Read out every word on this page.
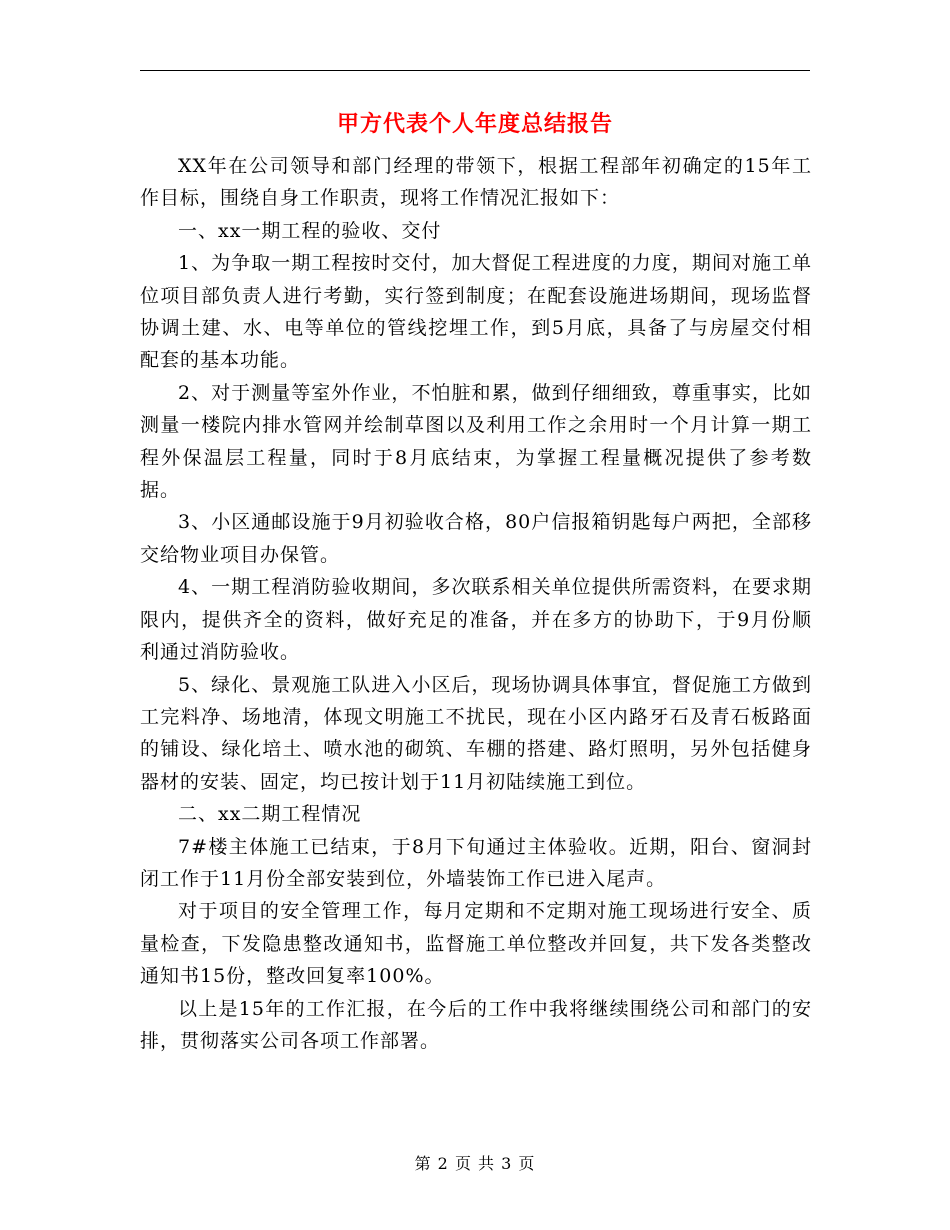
甲方代表个人年度总结报告

XX年在公司领导和部门经理的带领下，根据工程部年初确定的15年工作目标，围绕自身工作职责，现将工作情况汇报如下：

一、xx一期工程的验收、交付

1、为争取一期工程按时交付，加大督促工程进度的力度，期间对施工单位项目部负责人进行考勤，实行签到制度；在配套设施进场期间，现场监督协调土建、水、电等单位的管线挖埋工作，到5月底，具备了与房屋交付相配套的基本功能。

2、对于测量等室外作业，不怕脏和累，做到仔细细致，尊重事实，比如测量一楼院内排水管网并绘制草图以及利用工作之余用时一个月计算一期工程外保温层工程量，同时于8月底结束，为掌握工程量概况提供了参考数据。

3、小区通邮设施于9月初验收合格，80户信报箱钥匙每户两把，全部移交给物业项目办保管。

4、一期工程消防验收期间，多次联系相关单位提供所需资料，在要求期限内，提供齐全的资料，做好充足的准备，并在多方的协助下，于9月份顺利通过消防验收。

5、绿化、景观施工队进入小区后，现场协调具体事宜，督促施工方做到工完料净、场地清，体现文明施工不扰民，现在小区内路牙石及青石板路面的铺设、绿化培土、喷水池的砌筑、车棚的搭建、路灯照明，另外包括健身器材的安装、固定，均已按计划于11月初陆续施工到位。

二、xx二期工程情况

7#楼主体施工已结束，于8月下旬通过主体验收。近期，阳台、窗洞封闭工作于11月份全部安装到位，外墙装饰工作已进入尾声。

对于项目的安全管理工作，每月定期和不定期对施工现场进行安全、质量检查，下发隐患整改通知书，监督施工单位整改并回复，共下发各类整改通知书15份，整改回复率100%。

以上是15年的工作汇报，在今后的工作中我将继续围绕公司和部门的安排，贯彻落实公司各项工作部署。

第 2 页 共 3 页
